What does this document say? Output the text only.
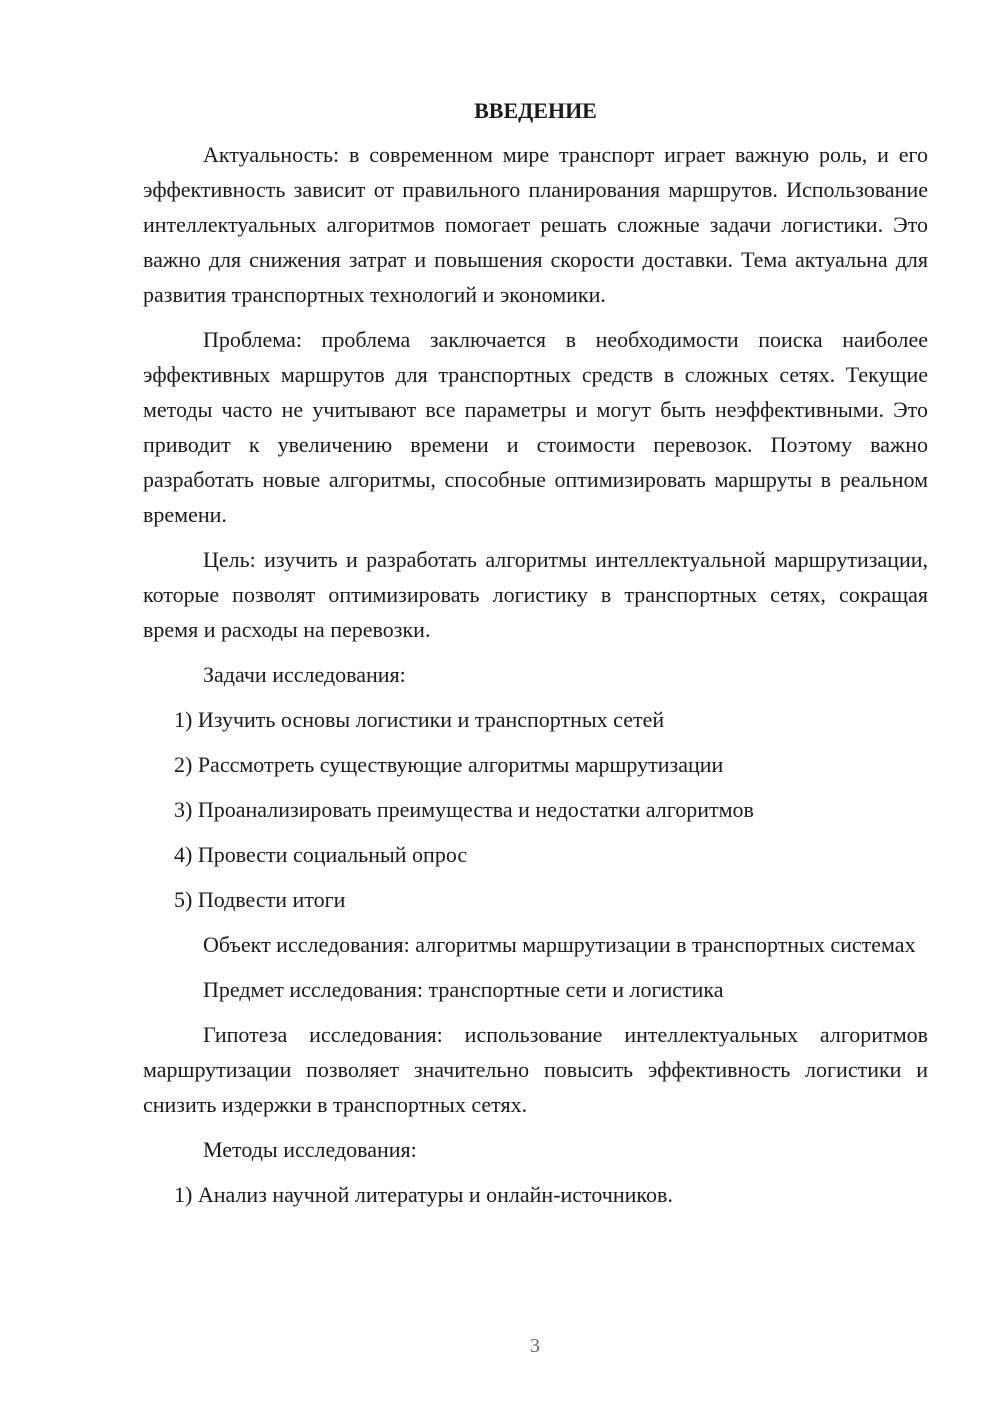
ВВЕДЕНИЕ

Актуальность: в современном мире транспорт играет важную роль, и его эффективность зависит от правильного планирования маршрутов. Использование интеллектуальных алгоритмов помогает решать сложные задачи логистики. Это важно для снижения затрат и повышения скорости доставки. Тема актуальна для развития транспортных технологий и экономики.

Проблема: проблема заключается в необходимости поиска наиболее эффективных маршрутов для транспортных средств в сложных сетях. Текущие методы часто не учитывают все параметры и могут быть неэффективными. Это приводит к увеличению времени и стоимости перевозок. Поэтому важно разработать новые алгоритмы, способные оптимизировать маршруты в реальном времени.

Цель: изучить и разработать алгоритмы интеллектуальной маршрутизации, которые позволят оптимизировать логистику в транспортных сетях, сокращая время и расходы на перевозки.

Задачи исследования:

1) Изучить основы логистики и транспортных сетей

2) Рассмотреть существующие алгоритмы маршрутизации

3) Проанализировать преимущества и недостатки алгоритмов

4) Провести социальный опрос

5) Подвести итоги

Объект исследования: алгоритмы маршрутизации в транспортных системах

Предмет исследования: транспортные сети и логистика

Гипотеза исследования: использование интеллектуальных алгоритмов маршрутизации позволяет значительно повысить эффективность логистики и снизить издержки в транспортных сетях.

Методы исследования:

1) Анализ научной литературы и онлайн-источников.

3
